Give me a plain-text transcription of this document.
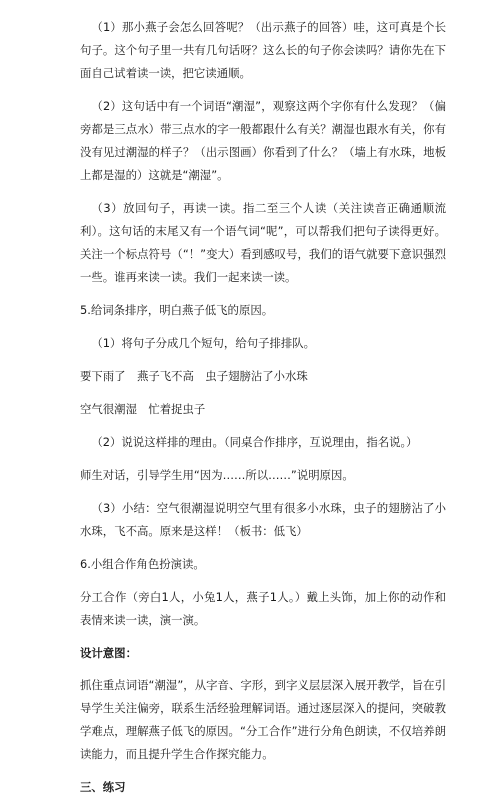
（1）那小燕子会怎么回答呢？（出示燕子的回答）哇，这可真是个长句子。这个句子里一共有几句话呀？这么长的句子你会读吗？请你先在下面自己试着读一读，把它读通顺。

（2）这句话中有一个词语“潮湿”，观察这两个字你有什么发现？（偏旁都是三点水）带三点水的字一般都跟什么有关？潮湿也跟水有关，你有没有见过潮湿的样子？（出示图画）你看到了什么？（墙上有水珠，地板上都是湿的）这就是“潮湿”。

（3）放回句子，再读一读。指二至三个人读（关注读音正确通顺流利）。这句话的末尾又有一个语气词“呢”，可以帮我们把句子读得更好。关注一个标点符号（“！”变大）看到感叹号，我们的语气就要下意识强烈一些。谁再来读一读。我们一起来读一读。

5.给词条排序，明白燕子低飞的原因。

（1）将句子分成几个短句，给句子排排队。

要下雨了　燕子飞不高　虫子翅膀沾了小水珠

空气很潮湿　忙着捉虫子

（2）说说这样排的理由。（同桌合作排序，互说理由，指名说。）

师生对话，引导学生用“因为……所以……”说明原因。

（3）小结：空气很潮湿说明空气里有很多小水珠，虫子的翅膀沾了小水珠，飞不高。原来是这样！（板书：低飞）

6.小组合作角色扮演读。

分工合作（旁白1人，小兔1人，燕子1人。）戴上头饰，加上你的动作和表情来读一读，演一演。

设计意图：

抓住重点词语“潮湿”，从字音、字形，到字义层层深入展开教学，旨在引导学生关注偏旁，联系生活经验理解词语。通过逐层深入的提问，突破教学难点，理解燕子低飞的原因。“分工合作”进行分角色朗读，不仅培养朗读能力，而且提升学生合作探究能力。

三、练习
